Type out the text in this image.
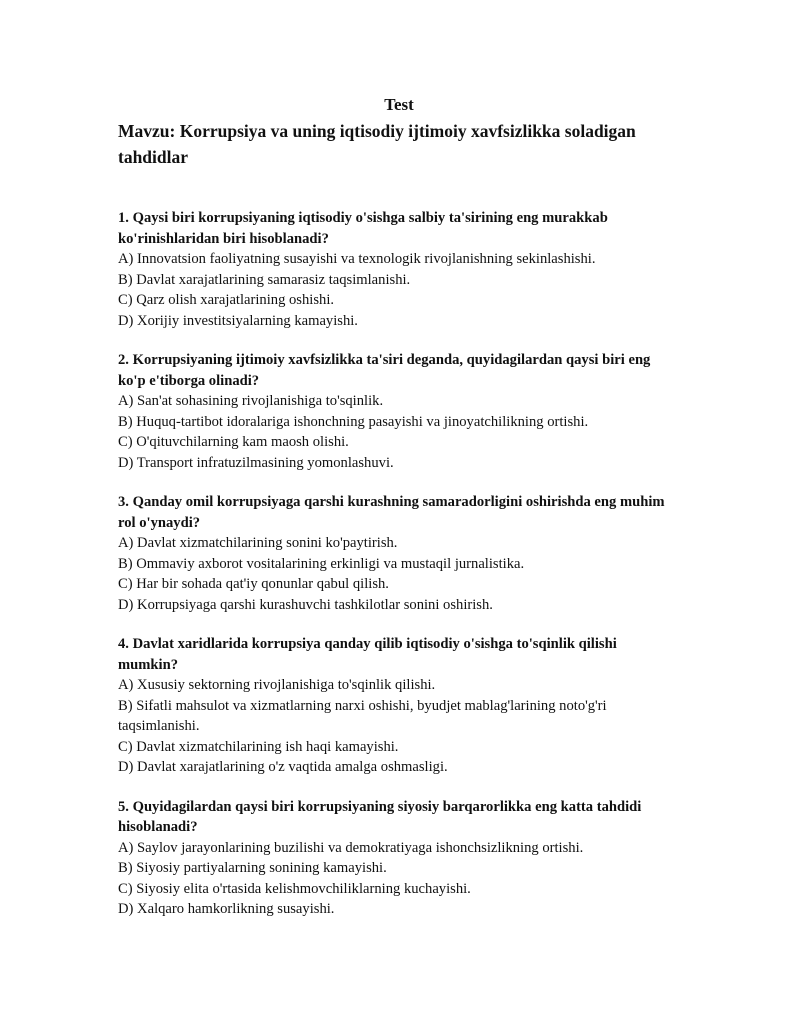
Test
Mavzu: Korrupsiya va uning iqtisodiy ijtimoiy xavfsizlikka soladigan tahdidlar

1. Qaysi biri korrupsiyaning iqtisodiy o'sishga salbiy ta'sirining eng murakkab ko'rinishlaridan biri hisoblanadi?

A) Innovatsion faoliyatning susayishi va texnologik rivojlanishning sekinlashishi.
B) Davlat xarajatlarining samarasiz taqsimlanishi.
C) Qarz olish xarajatlarining oshishi.
D) Xorijiy investitsiyalarning kamayishi.

2. Korrupsiyaning ijtimoiy xavfsizlikka ta'siri deganda, quyidagilardan qaysi biri eng ko'p e'tiborga olinadi?

A) San'at sohasining rivojlanishiga to'sqinlik.
B) Huquq-tartibot idoralariga ishonchning pasayishi va jinoyatchilikning ortishi.
C) O'qituvchilarning kam maosh olishi.
D) Transport infratuzilmasining yomonlashuvi.

3. Qanday omil korrupsiyaga qarshi kurashning samaradorligini oshirishda eng muhim rol o'ynaydi?

A) Davlat xizmatchilarining sonini ko'paytirish.
B) Ommaviy axborot vositalarining erkinligi va mustaqil jurnalistika.
C) Har bir sohada qat'iy qonunlar qabul qilish.
D) Korrupsiyaga qarshi kurashuvchi tashkilotlar sonini oshirish.

4. Davlat xaridlarida korrupsiya qanday qilib iqtisodiy o'sishga to'sqinlik qilishi mumkin?

A) Xususiy sektorning rivojlanishiga to'sqinlik qilishi.
B) Sifatli mahsulot va xizmatlarning narxi oshishi, byudjet mablag'larining noto'g'ri taqsimlanishi.
C) Davlat xizmatchilarining ish haqi kamayishi.
D) Davlat xarajatlarining o'z vaqtida amalga oshmasligi.

5. Quyidagilardan qaysi biri korrupsiyaning siyosiy barqarorlikka eng katta tahdidi hisoblanadi?

A) Saylov jarayonlarining buzilishi va demokratiyaga ishonchsizlikning ortishi.
B) Siyosiy partiyalarning sonining kamayishi.
C) Siyosiy elita o'rtasida kelishmovchiliklarning kuchayishi.
D) Xalqaro hamkorlikning susayishi.
